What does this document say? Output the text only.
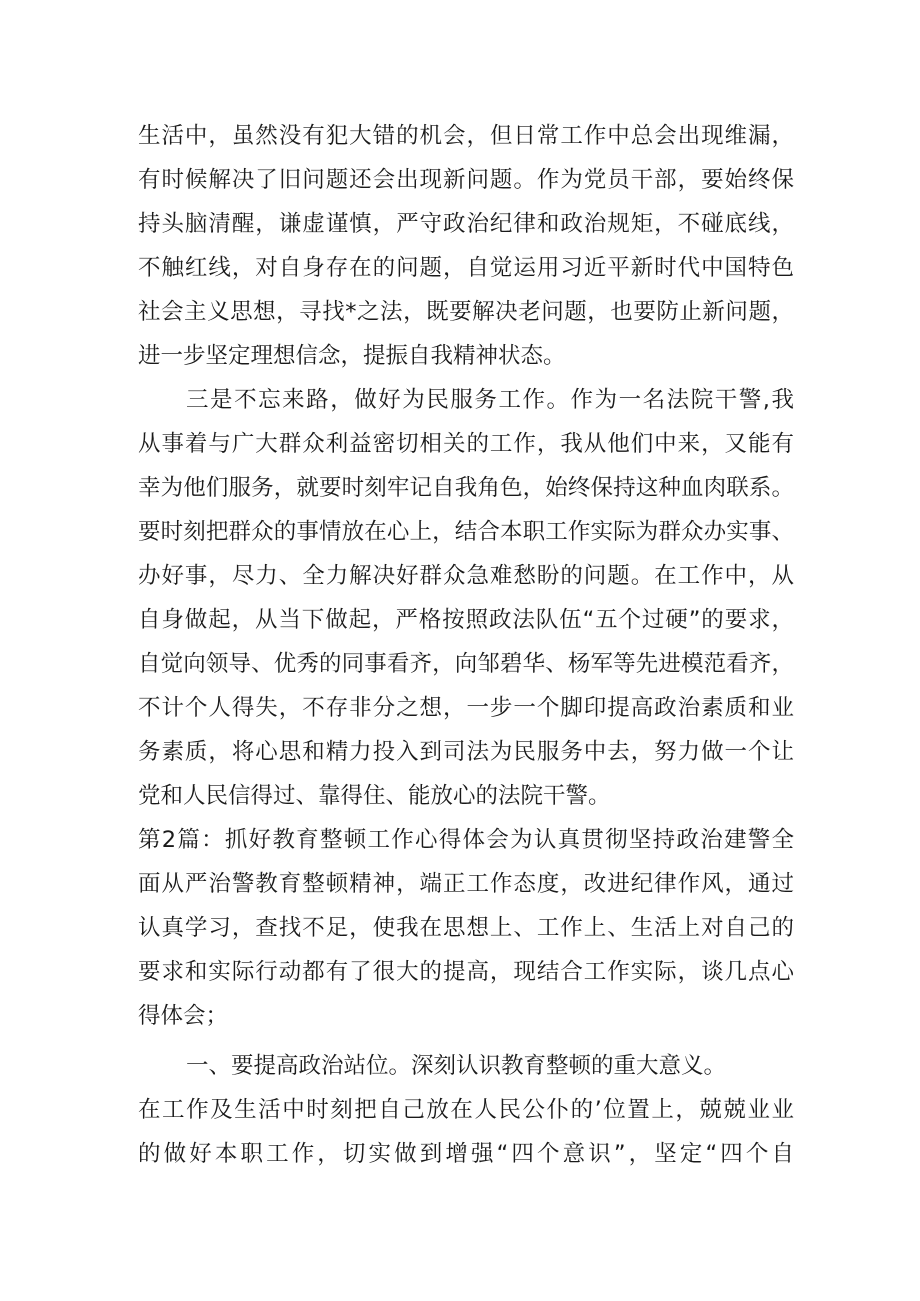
生活中，虽然没有犯大错的机会，但日常工作中总会出现维漏，

有时候解决了旧问题还会出现新问题。作为党员干部，要始终保

持头脑清醒，谦虚谨慎，严守政治纪律和政治规矩，不碰底线，

不触红线，对自身存在的问题，自觉运用习近平新时代中国特色

社会主义思想，寻找*之法，既要解决老问题，也要防止新问题，

进一步坚定理想信念，提振自我精神状态。

三是不忘来路，做好为民服务工作。作为一名法院干警,我

从事着与广大群众利益密切相关的工作，我从他们中来，又能有

幸为他们服务，就要时刻牢记自我角色，始终保持这种血肉联系。

要时刻把群众的事情放在心上，结合本职工作实际为群众办实事、

办好事，尽力、全力解决好群众急难愁盼的问题。在工作中，从

自身做起，从当下做起，严格按照政法队伍“五个过硬”的要求，

自觉向领导、优秀的同事看齐，向邹碧华、杨军等先进模范看齐，

不计个人得失，不存非分之想，一步一个脚印提高政治素质和业

务素质，将心思和精力投入到司法为民服务中去，努力做一个让

党和人民信得过、靠得住、能放心的法院干警。

第2篇：抓好教育整顿工作心得体会为认真贯彻坚持政治建警全

面从严治警教育整顿精神，端正工作态度，改进纪律作风，通过

认真学习，查找不足，使我在思想上、工作上、生活上对自己的

要求和实际行动都有了很大的提高，现结合工作实际，谈几点心

得体会；

一、要提高政治站位。深刻认识教育整顿的重大意义。

在工作及生活中时刻把自己放在人民公仆的’位置上，兢兢业业

的做好本职工作，切实做到增强“四个意识”，坚定“四个自
